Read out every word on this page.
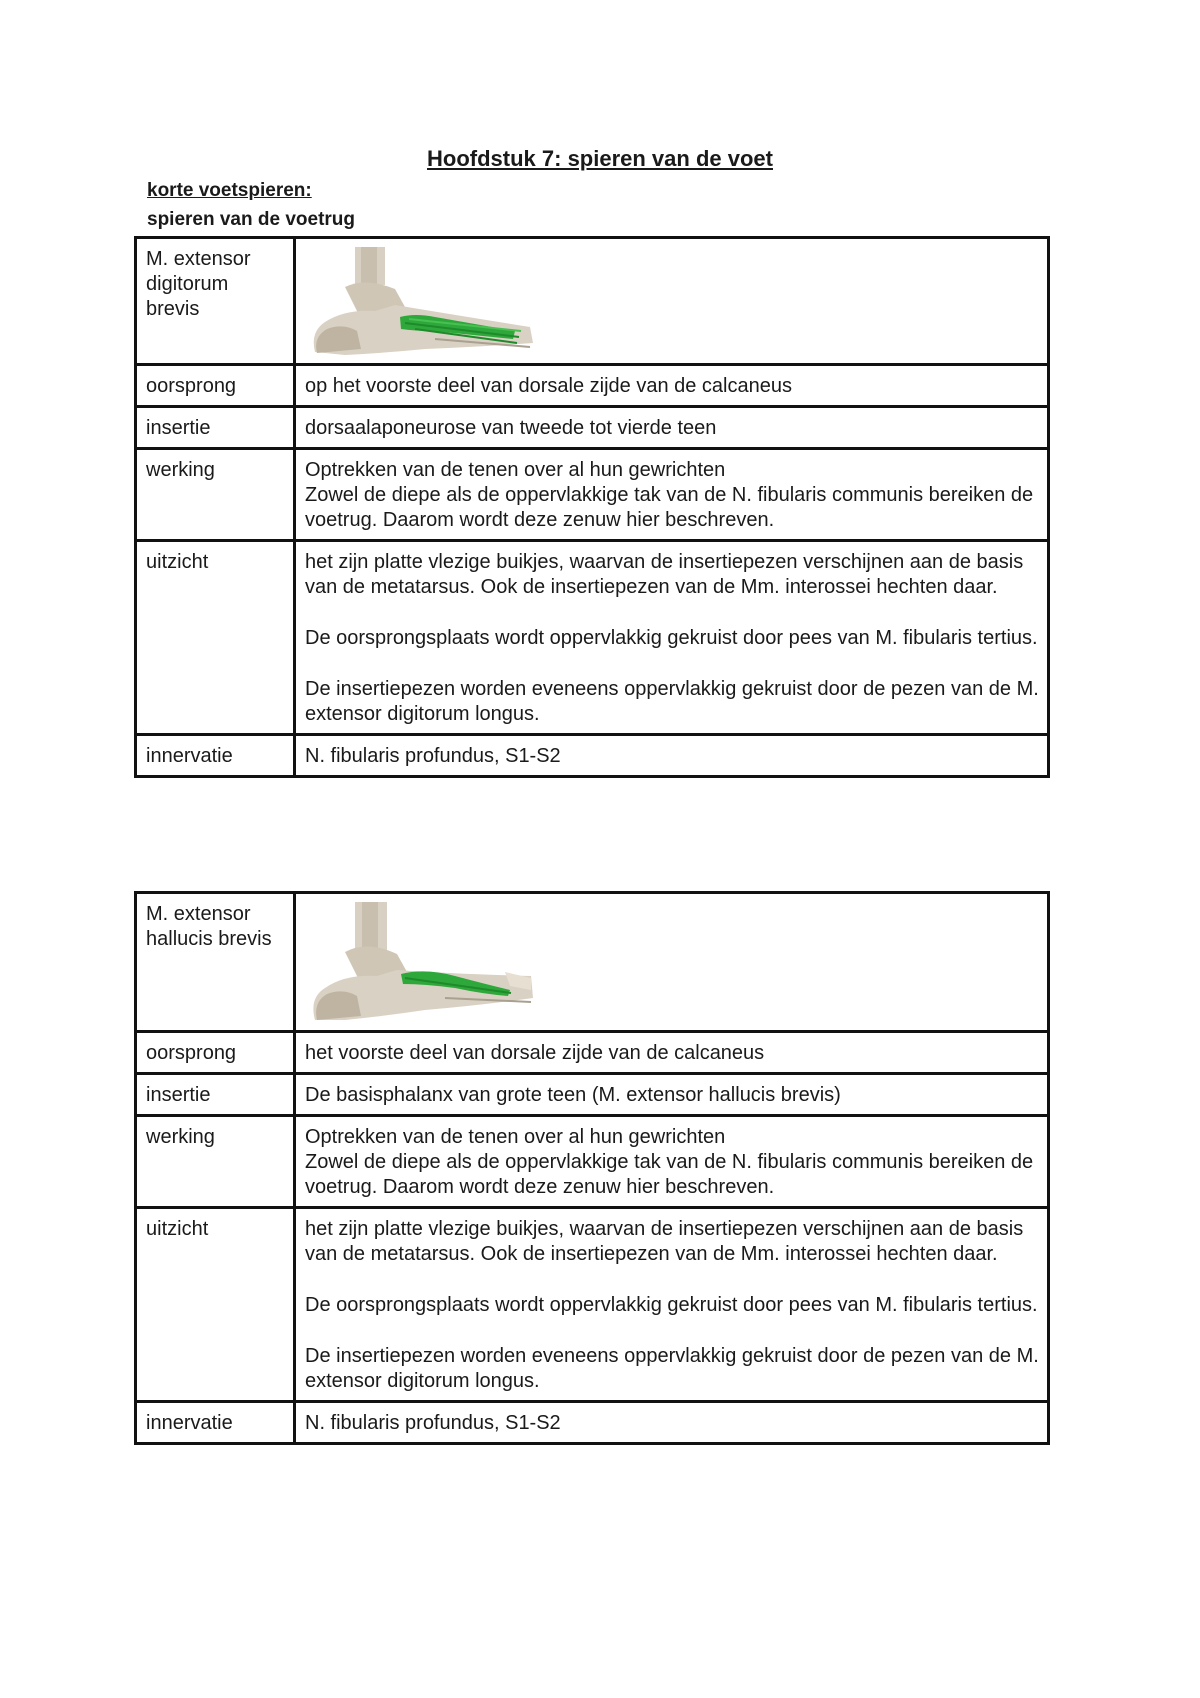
Hoofdstuk 7: spieren van de voet

korte voetspieren:

spieren van de voetrug

M. extensor digitorum brevis	

oorsprong	op het voorste deel van dorsale zijde van de calcaneus
insertie	dorsaalaponeurose van tweede tot vierde teen
werking	Optrekken van de tenen over al hun gewrichten
Zowel de diepe als de oppervlakkige tak van de N. fibularis communis bereiken de voetrug. Daarom wordt deze zenuw hier beschreven.

uitzicht	het zijn platte vlezige buikjes, waarvan de insertiepezen verschijnen aan de basis van de metatarsus. Ook de insertiepezen van de Mm. interossei hechten daar.

De oorsprongsplaats wordt oppervlakkig gekruist door pees van M. fibularis tertius.

De insertiepezen worden eveneens oppervlakkig gekruist door de pezen van de M. extensor digitorum longus.

innervatie	N. fibularis profundus, S1-S2
M. extensor hallucis brevis	

oorsprong	het voorste deel van dorsale zijde van de calcaneus
insertie	De basisphalanx van grote teen (M. extensor hallucis brevis)
werking	Optrekken van de tenen over al hun gewrichten
Zowel de diepe als de oppervlakkige tak van de N. fibularis communis bereiken de voetrug. Daarom wordt deze zenuw hier beschreven.

uitzicht	het zijn platte vlezige buikjes, waarvan de insertiepezen verschijnen aan de basis van de metatarsus. Ook de insertiepezen van de Mm. interossei hechten daar.

De oorsprongsplaats wordt oppervlakkig gekruist door pees van M. fibularis tertius.

De insertiepezen worden eveneens oppervlakkig gekruist door de pezen van de M. extensor digitorum longus.

innervatie	N. fibularis profundus, S1-S2
